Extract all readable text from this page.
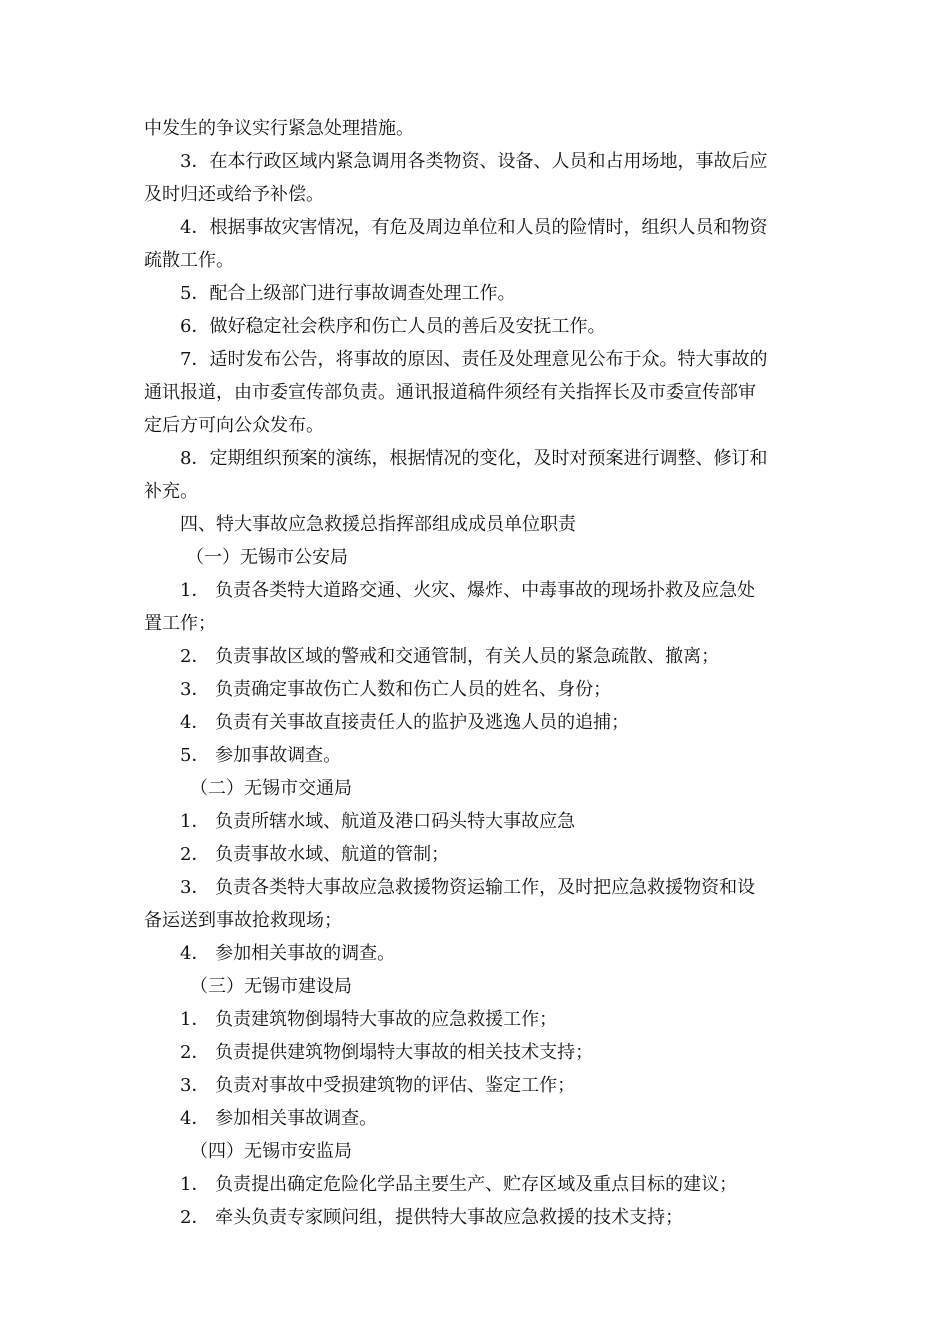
中发生的争议实行紧急处理措施。
3．在本行政区域内紧急调用各类物资、设备、人员和占用场地，事故后应
及时归还或给予补偿。
4．根据事故灾害情况，有危及周边单位和人员的险情时，组织人员和物资
疏散工作。
5．配合上级部门进行事故调查处理工作。
6．做好稳定社会秩序和伤亡人员的善后及安抚工作。
7．适时发布公告，将事故的原因、责任及处理意见公布于众。特大事故的
通讯报道，由市委宣传部负责。通讯报道稿件须经有关指挥长及市委宣传部审
定后方可向公众发布。
8．定期组织预案的演练，根据情况的变化，及时对预案进行调整、修订和
补充。
四、特大事故应急救援总指挥部组成成员单位职责
（一）无锡市公安局
1． 负责各类特大道路交通、火灾、爆炸、中毒事故的现场扑救及应急处
置工作；
2． 负责事故区域的警戒和交通管制，有关人员的紧急疏散、撤离；
3． 负责确定事故伤亡人数和伤亡人员的姓名、身份；
4． 负责有关事故直接责任人的监护及逃逸人员的追捕；
5． 参加事故调查。
（二）无锡市交通局
1． 负责所辖水域、航道及港口码头特大事故应急
2． 负责事故水域、航道的管制；
3． 负责各类特大事故应急救援物资运输工作，及时把应急救援物资和设
备运送到事故抢救现场；
4． 参加相关事故的调查。
（三）无锡市建设局
1． 负责建筑物倒塌特大事故的应急救援工作；
2． 负责提供建筑物倒塌特大事故的相关技术支持；
3． 负责对事故中受损建筑物的评估、鉴定工作；
4． 参加相关事故调查。
（四）无锡市安监局
1． 负责提出确定危险化学品主要生产、贮存区域及重点目标的建议；
2． 牵头负责专家顾问组，提供特大事故应急救援的技术支持；
